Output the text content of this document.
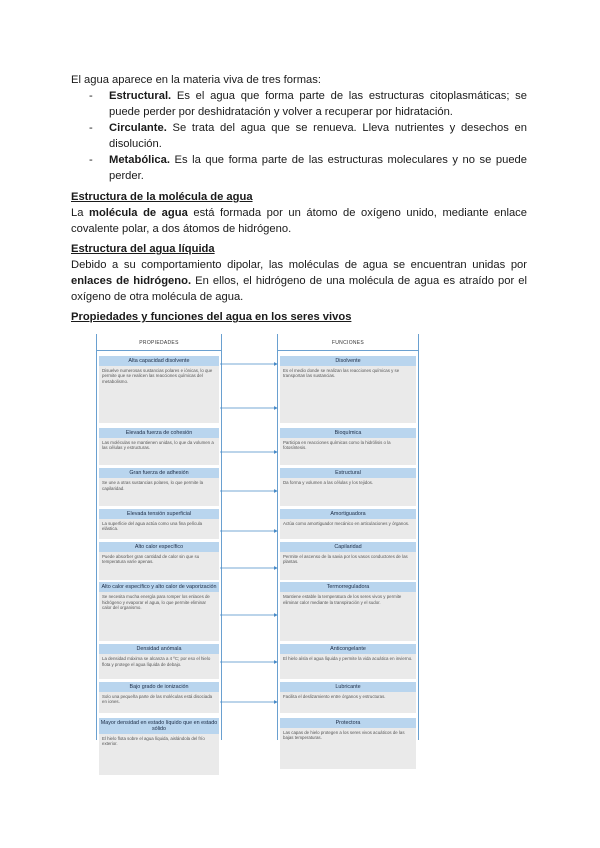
El agua aparece en la materia viva de tres formas:

- Estructural. Es el agua que forma parte de las estructuras citoplasmáticas; se puede perder por deshidratación y volver a recuperar por hidratación.
- Circulante. Se trata del agua que se renueva. Lleva nutrientes y desechos en disolución.
- Metabólica. Es la que forma parte de las estructuras moleculares y no se puede perder.

Estructura de la molécula de agua

La molécula de agua está formada por un átomo de oxígeno unido, mediante enlace covalente polar, a dos átomos de hidrógeno.

Estructura del agua líquida

Debido a su comportamiento dipolar, las moléculas de agua se encuentran unidas por enlaces de hidrógeno. En ellos, el hidrógeno de una molécula de agua es atraído por el oxígeno de otra molécula de agua.

Propiedades y funciones del agua en los seres vivos

PROPIEDADES
Alta capacidad disolvente
Disuelve numerosas sustancias polares e iónicas, lo que permite que se realicen las reacciones químicas del metabolismo.
Elevada fuerza de cohesión
Las moléculas se mantienen unidas, lo que da volumen a las células y estructuras.
Gran fuerza de adhesión
Se une a otras sustancias polares, lo que permite la capilaridad.
Elevada tensión superficial
La superficie del agua actúa como una fina película elástica.
Alto calor específico
Puede absorber gran cantidad de calor sin que su temperatura varíe apenas.
Alto calor específico y alto calor de vaporización
Se necesita mucha energía para romper los enlaces de hidrógeno y evaporar el agua, lo que permite eliminar calor del organismo.
Densidad anómala
La densidad máxima se alcanza a 4 ºC; por eso el hielo flota y protege el agua líquida de debajo.
Bajo grado de ionización
Solo una pequeña parte de las moléculas está disociada en iones.
Mayor densidad en estado líquido que en estado sólido
El hielo flota sobre el agua líquida, aislándola del frío exterior.
FUNCIONES
Disolvente
Es el medio donde se realizan las reacciones químicas y se transportan las sustancias.
Bioquímica
Participa en reacciones químicas como la hidrólisis o la fotosíntesis.
Estructural
Da forma y volumen a las células y los tejidos.
Amortiguadora
Actúa como amortiguador mecánico en articulaciones y órganos.
Capilaridad
Permite el ascenso de la savia por los vasos conductores de las plantas.
Termorreguladora
Mantiene estable la temperatura de los seres vivos y permite eliminar calor mediante la transpiración y el sudor.
Anticongelante
El hielo aísla el agua líquida y permite la vida acuática en invierno.
Lubricante
Facilita el deslizamiento entre órganos y estructuras.
Protectora
Las capas de hielo protegen a los seres vivos acuáticos de las bajas temperaturas.
